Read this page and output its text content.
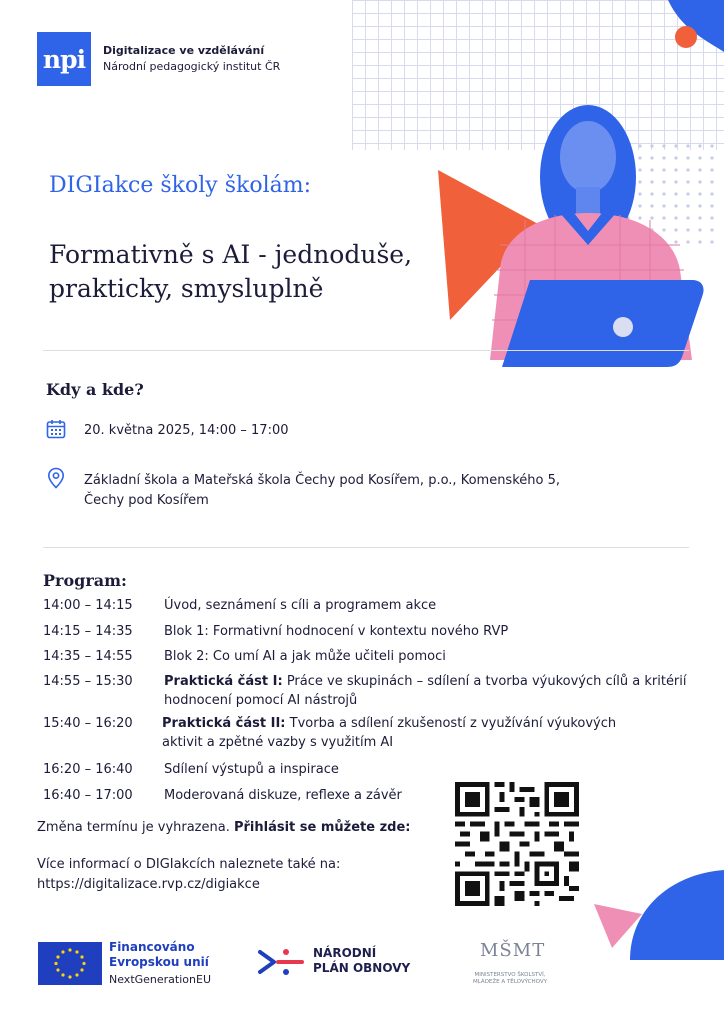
npi Digitalizace ve vzdělávání
Národní pedagogický institut ČR
DIGIakce školy školám:
Formativně s AI - jednoduše, prakticky, smysluplně
Kdy a kde?
20. května 2025, 14:00 – 17:00
Základní škola a Mateřská škola Čechy pod Kosířem, p.o., Komenského 5,
Čechy pod Kosířem
Program:
14:00 – 14:15	Úvod, seznámení s cíli a programem akce
14:15 – 14:35	Blok 1: Formativní hodnocení v kontextu nového RVP
14:35 – 14:55	Blok 2: Co umí AI a jak může učiteli pomoci
14:55 – 15:30	Praktická část I: Práce ve skupinách – sdílení a tvorba výukových cílů a kritérií hodnocení pomocí AI nástrojů
15:40 – 16:20	Praktická část II: Tvorba a sdílení zkušeností z využívání výukových aktivit a zpětné vazby s využitím AI
16:20 – 16:40	Sdílení výstupů a inspirace
16:40 – 17:00	Moderovaná diskuze, reflexe a závěr
Změna termínu je vyhrazena. Přihlásit se můžete zde:
Více informací o DIGIakcích naleznete také na:
https://digitalizace.rvp.cz/digiakce
Financováno
Evropskou unií
NextGenerationEU
NÁRODNÍ
PLÁN OBNOVY
MŠMT
MINISTERSTVO ŠKOLSTVÍ,
MLÁDEŽE A TĚLOVÝCHOVY
